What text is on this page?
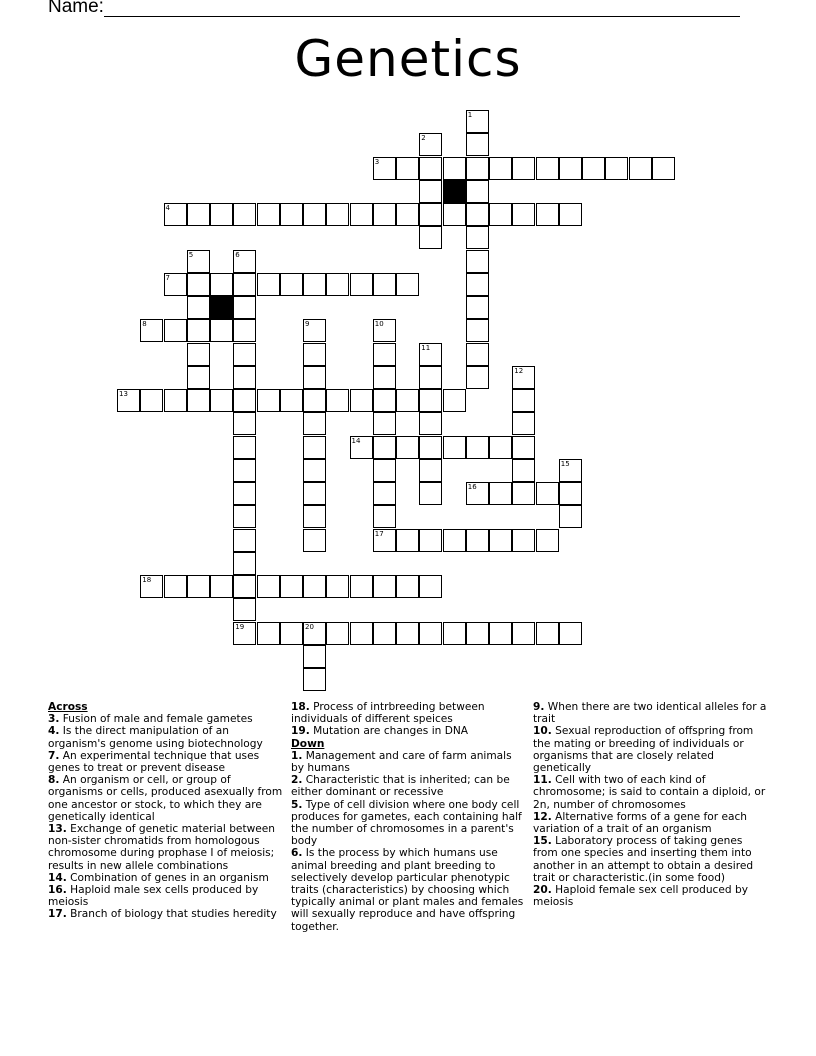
Name:
Genetics
1
2
3
4
5	6
7
8	9	10
17
11
12
13
14
15
16
18
19	20
Across
3. Fusion of male and female gametes
4. Is the direct manipulation of an organism's genome using biotechnology
7. An experimental technique that uses genes to treat or prevent disease
8. An organism or cell, or group of organisms or cells, produced asexually from one ancestor or stock, to which they are genetically identical
13. Exchange of genetic material between non-sister chromatids from homologous chromosome during prophase I of meiosis; results in new allele combinations
14. Combination of genes in an organism
16. Haploid male sex cells produced by meiosis
17. Branch of biology that studies heredity
18. Process of intrbreeding between individuals of different speices
19. Mutation are changes in DNA
Down
1. Management and care of farm animals by humans
2. Characteristic that is inherited; can be either dominant or recessive
5. Type of cell division where one body cell produces for gametes, each containing half the number of chromosomes in a parent's body
6. Is the process by which humans use animal breeding and plant breeding to selectively develop particular phenotypic traits (characteristics) by choosing which typically animal or plant males and females will sexually reproduce and have offspring together.
9. When there are two identical alleles for a trait
10. Sexual reproduction of offspring from the mating or breeding of individuals or organisms that are closely related genetically
11. Cell with two of each kind of chromosome; is said to contain a diploid, or 2n, number of chromosomes
12. Alternative forms of a gene for each variation of a trait of an organism
15. Laboratory process of taking genes from one species and inserting them into another in an attempt to obtain a desired trait or characteristic.(in some food)
20. Haploid female sex cell produced by meiosis
